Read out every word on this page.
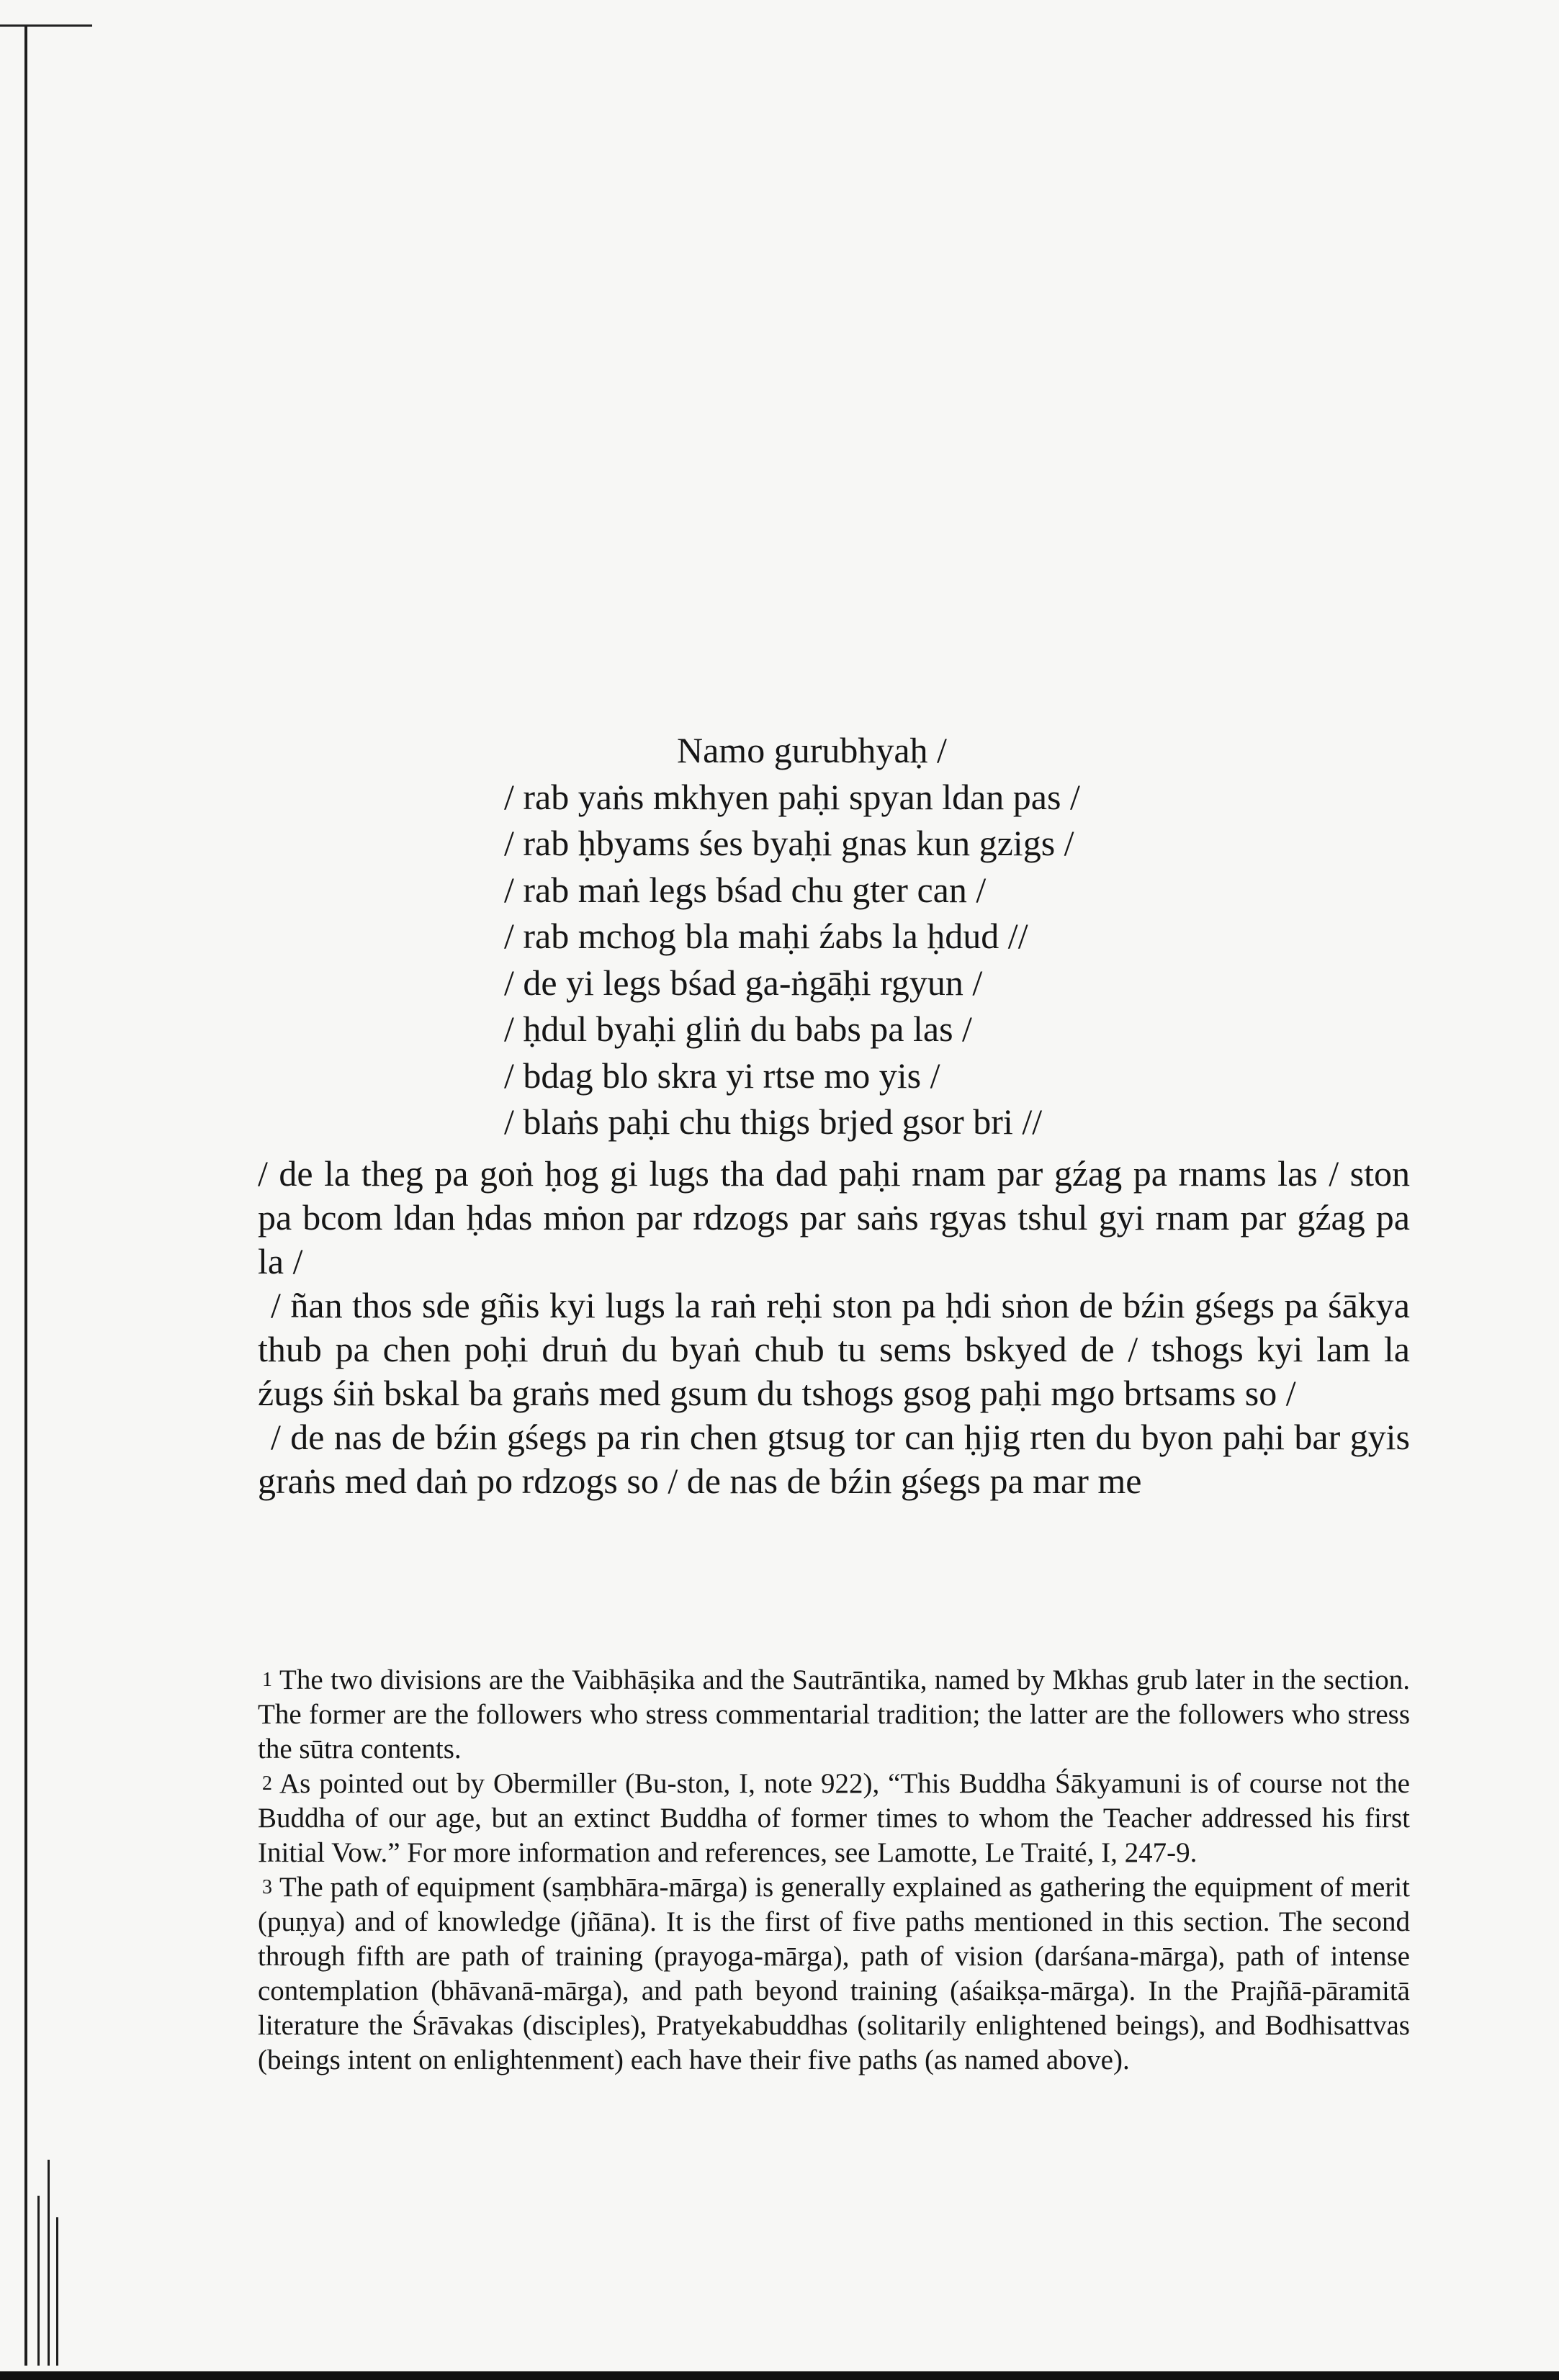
Namo gurubhyaḥ /
/ rab yaṅs mkhyen paḥi spyan ldan pas /
/ rab ḥbyams śes byaḥi gnas kun gzigs /
/ rab maṅ legs bśad chu gter can /
/ rab mchog bla maḥi źabs la ḥdud //
/ de yi legs bśad ga-ṅgāḥi rgyun /
/ ḥdul byaḥi gliṅ du babs pa las /
/ bdag blo skra yi rtse mo yis /
/ blaṅs paḥi chu thigs brjed gsor bri //

/ de la theg pa goṅ ḥog gi lugs tha dad paḥi rnam par gźag pa rnams las / ston pa bcom ldan ḥdas mṅon par rdzogs par saṅs rgyas tshul gyi rnam par gźag pa la /

/ ñan thos sde gñis kyi lugs la raṅ reḥi ston pa ḥdi sṅon de bźin gśegs pa śākya thub pa chen poḥi druṅ du byaṅ chub tu sems bskyed de / tshogs kyi lam la źugs śiṅ bskal ba graṅs med gsum du tshogs gsog paḥi mgo brtsams so /

/ de nas de bźin gśegs pa rin chen gtsug tor can ḥjig rten du byon paḥi bar gyis graṅs med daṅ po rdzogs so / de nas de bźin gśegs pa mar me

1 The two divisions are the Vaibhāṣika and the Sautrāntika, named by Mkhas grub later in the section. The former are the followers who stress commentarial tradition; the latter are the followers who stress the sūtra contents.

2 As pointed out by Obermiller (Bu-ston, I, note 922), “This Buddha Śākyamuni is of course not the Buddha of our age, but an extinct Buddha of former times to whom the Teacher addressed his first Initial Vow.” For more information and references, see Lamotte, Le Traité, I, 247-9.

3 The path of equipment (saṃbhāra-mārga) is generally explained as gathering the equipment of merit (puṇya) and of knowledge (jñāna). It is the first of five paths mentioned in this section. The second through fifth are path of training (prayoga-mārga), path of vision (darśana-mārga), path of intense contemplation (bhāvanā-mārga), and path beyond training (aśaikṣa-mārga). In the Prajñā-pāramitā literature the Śrāvakas (disciples), Pratyekabuddhas (solitarily enlightened beings), and Bodhisattvas (beings intent on enlightenment) each have their five paths (as named above).
